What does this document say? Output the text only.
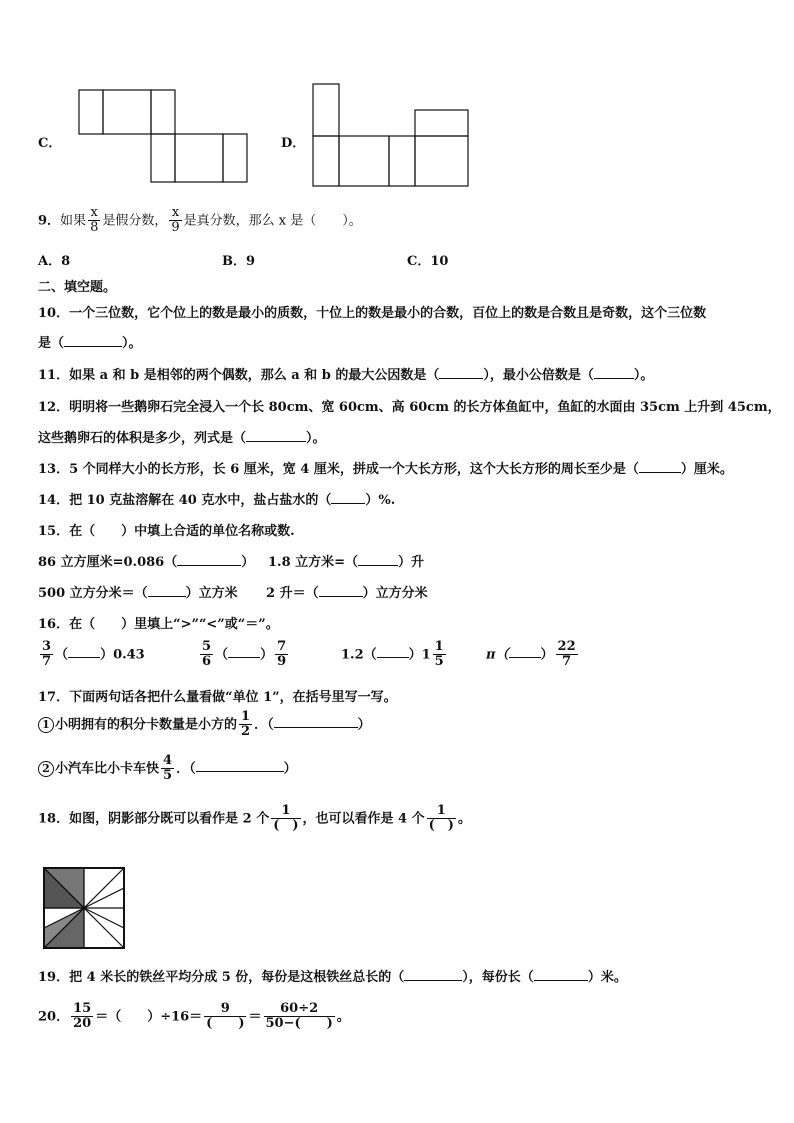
C．	D．
9．如果 $\frac{x}{8}$ 是假分数， $\frac{x}{9}$ 是真分数，那么 x 是（　　）。
A．8	B．9	C．10
二、填空题。
10．一个三位数，它个位上的数是最小的质数，十位上的数是最小的合数，百位上的数是合数且是奇数，这个三位数
是（	）。
11．如果 a 和 b 是相邻的两个偶数，那么 a 和 b 的最大公因数是（	），最小公倍数是（	）。
12．明明将一些鹅卵石完全浸入一个长 80cm、宽 60cm、高 60cm 的长方体鱼缸中，鱼缸的水面由 35cm 上升到 45cm，
这些鹅卵石的体积是多少，列式是（	）。
13．5 个同样大小的长方形，长 6 厘米，宽 4 厘米，拼成一个大长方形，这个大长方形的周长至少是（	）厘米。
14．把 10 克盐溶解在 40 克水中，盐占盐水的（	）%.
15．在（　　）中填上合适的单位名称或数.
86 立方厘米=0.086（	） 1.8 立方米=（	）升
500 立方分米＝（	）立方米 2 升＝（	）立方分米
16．在（　　）里填上“>”“<”或“＝”。
$\frac{3}{7}$ （ ）0.43	$\frac{5}{6}$ （ ） $\frac{7}{9}$	1.2（ ）$1 \frac{1}{5}$	π（ ） $\frac{22}{7}$
17．下面两句话各把什么量看做“单位 1”，在括号里写一写。
1 小明拥有的积分卡数量是小方的 $\frac{1}{2}$ ．（	）
2 小汽车比小卡车快 $\frac{4}{5}$ ．（	）
18．如图，阴影部分既可以看作是 2 个 $\frac{1}{( )}$ ，也可以看作是 4 个 $\frac{1}{( )}$ 。
19．把 4 米长的铁丝平均分成 5 份，每份是这根铁丝总长的（	），每份长（	）米。
20． $\frac{15}{20}$ ＝（　　）$\div 16= \frac{9}{( )} = \frac{60\div 2}{50-( )}$ 。
